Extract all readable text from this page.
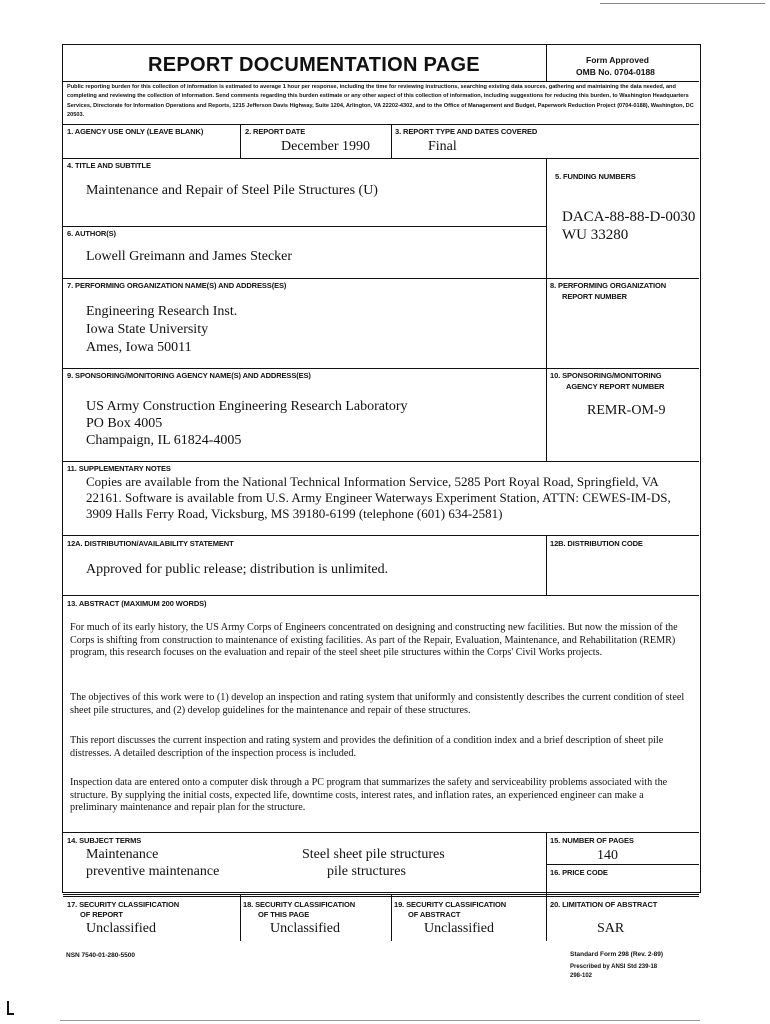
REPORT DOCUMENTATION PAGE	Form Approved
OMB No. 0704-0188
Public reporting burden for this collection of information is estimated to average 1 hour per response, including the time for reviewing instructions, searching existing data sources, gathering and maintaining the data needed, and completing and reviewing the collection of information. Send comments regarding this burden estimate or any other aspect of this collection of information, including suggestions for reducing this burden, to Washington Headquarters Services, Directorate for Information Operations and Reports, 1215 Jefferson Davis Highway, Suite 1204, Arlington, VA 22202-4302, and to the Office of Management and Budget, Paperwork Reduction Project (0704-0188), Washington, DC 20503.
1. AGENCY USE ONLY (LEAVE BLANK)	2. REPORT DATE
December 1990
3. REPORT TYPE AND DATES COVERED
Final
4. TITLE AND SUBTITLE
Maintenance and Repair of Steel Pile Structures (U)
5. FUNDING NUMBERS
DACA-88-88-D-0030
WU 33280
6. AUTHOR(S)
Lowell Greimann and James Stecker
7. PERFORMING ORGANIZATION NAME(S) AND ADDRESS(ES)
Engineering Research Inst.
Iowa State University
Ames, Iowa 50011
8. PERFORMING ORGANIZATION
REPORT NUMBER
9. SPONSORING/MONITORING AGENCY NAME(S) AND ADDRESS(ES)
US Army Construction Engineering Research Laboratory
PO Box 4005
Champaign, IL 61824-4005
10. SPONSORING/MONITORING
AGENCY REPORT NUMBER
REMR-OM-9
11. SUPPLEMENTARY NOTES
Copies are available from the National Technical Information Service, 5285 Port Royal Road, Springfield, VA
22161. Software is available from U.S. Army Engineer Waterways Experiment Station, ATTN: CEWES-IM-DS,
3909 Halls Ferry Road, Vicksburg, MS 39180-6199 (telephone (601) 634-2581)
12A. DISTRIBUTION/AVAILABILITY STATEMENT
Approved for public release; distribution is unlimited.
12B. DISTRIBUTION CODE
13. ABSTRACT (MAXIMUM 200 WORDS)
For much of its early history, the US Army Corps of Engineers concentrated on designing and constructing new facilities. But now the mission of the Corps is shifting from construction to maintenance of existing facilities. As part of the Repair, Evaluation, Maintenance, and Rehabilitation (REMR) program, this research focuses on the evaluation and repair of the steel sheet pile structures within the Corps' Civil Works projects.
The objectives of this work were to (1) develop an inspection and rating system that uniformly and consistently describes the current condition of steel sheet pile structures, and (2) develop guidelines for the maintenance and repair of these structures.
This report discusses the current inspection and rating system and provides the definition of a condition index and a brief description of sheet pile distresses. A detailed description of the inspection process is included.
Inspection data are entered onto a computer disk through a PC program that summarizes the safety and serviceability problems associated with the structure. By supplying the initial costs, expected life, downtime costs, interest rates, and inflation rates, an experienced engineer can make a preliminary maintenance and repair plan for the structure.
14. SUBJECT TERMS
Maintenance
preventive maintenance
Steel sheet pile structures
pile structures
15. NUMBER OF PAGES
140
16. PRICE CODE
17. SECURITY CLASSIFICATION
OF REPORT
Unclassified
18. SECURITY CLASSIFICATION
OF THIS PAGE
Unclassified
19. SECURITY CLASSIFICATION
OF ABSTRACT
Unclassified
20. LIMITATION OF ABSTRACT
SAR
NSN 7540-01-280-5500	Standard Form 298 (Rev. 2-89)
Prescribed by ANSI Std 239-18
298-102
